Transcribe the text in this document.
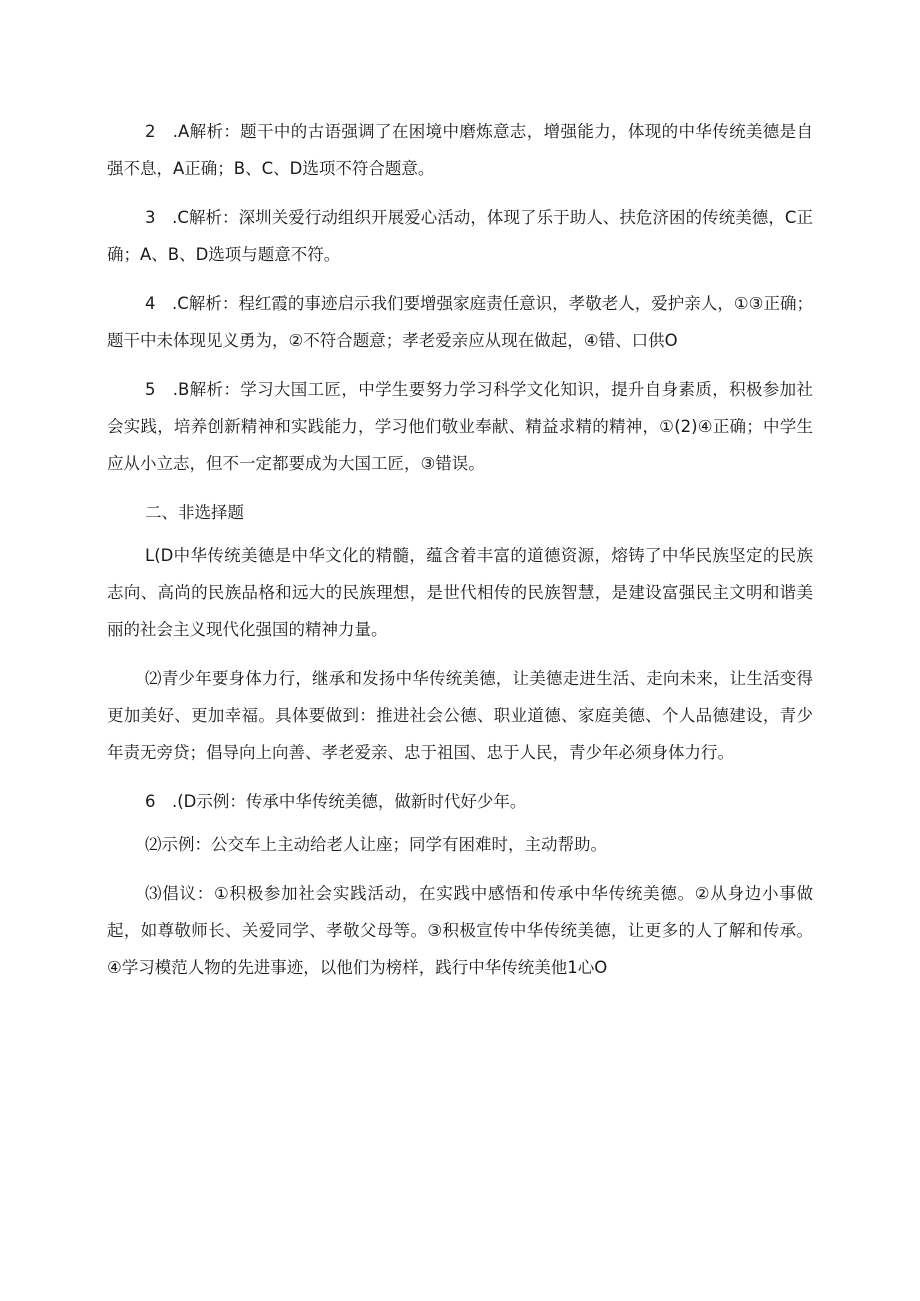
2　.A解析：题干中的古语强调了在困境中磨炼意志，增强能力，体现的中华传统美德是自强不息，A正确；B、C、D选项不符合题意。

3　.C解析：深圳关爱行动组织开展爱心活动，体现了乐于助人、扶危济困的传统美德，C正确；A、B、D选项与题意不符。

4　.C解析：程红霞的事迹启示我们要增强家庭责任意识，孝敬老人，爱护亲人，①③正确；题干中未体现见义勇为，②不符合题意；孝老爱亲应从现在做起，④错、口供O

5　.B解析：学习大国工匠，中学生要努力学习科学文化知识，提升自身素质，积极参加社会实践，培养创新精神和实践能力，学习他们敬业奉献、精益求精的精神，①(2)④正确；中学生应从小立志，但不一定都要成为大国工匠，③错误。

二、非选择题

L(D中华传统美德是中华文化的精髓，蕴含着丰富的道德资源，熔铸了中华民族坚定的民族志向、高尚的民族品格和远大的民族理想，是世代相传的民族智慧，是建设富强民主文明和谐美丽的社会主义现代化强国的精神力量。

⑵青少年要身体力行，继承和发扬中华传统美德，让美德走进生活、走向未来，让生活变得更加美好、更加幸福。具体要做到：推进社会公德、职业道德、家庭美德、个人品德建设，青少年责无旁贷；倡导向上向善、孝老爱亲、忠于祖国、忠于人民，青少年必须身体力行。

6　.(D示例：传承中华传统美德，做新时代好少年。

⑵示例：公交车上主动给老人让座；同学有困难时，主动帮助。

⑶倡议：①积极参加社会实践活动，在实践中感悟和传承中华传统美德。②从身边小事做起，如尊敬师长、关爱同学、孝敬父母等。③积极宣传中华传统美德，让更多的人了解和传承。④学习模范人物的先进事迹，以他们为榜样，践行中华传统美他1心O
